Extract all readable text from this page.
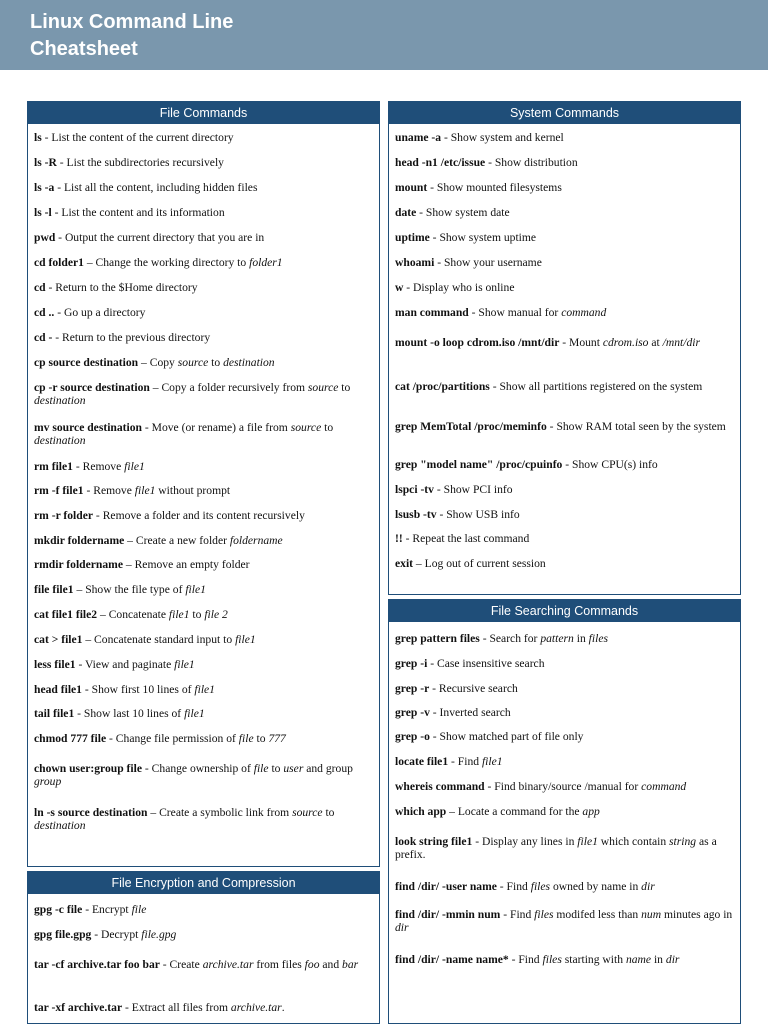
Linux Command Line
Cheatsheet
File Commands
ls - List the content of the current directory
ls -R - List the subdirectories recursively
ls -a - List all the content, including hidden files
ls -l - List the content and its information
pwd - Output the current directory that you are in
cd folder1 – Change the working directory to folder1
cd - Return to the $Home directory
cd .. - Go up a directory
cd - - Return to the previous directory
cp source destination – Copy source to destination
cp -r source destination – Copy a folder recursively from source to destination
mv source destination - Move (or rename) a file from source to destination
rm file1 - Remove file1
rm -f file1 - Remove file1 without prompt
rm -r folder - Remove a folder and its content recursively
mkdir foldername – Create a new folder foldername
rmdir foldername – Remove an empty folder
file file1 – Show the file type of file1
cat file1 file2 – Concatenate file1 to file 2
cat > file1 – Concatenate standard input to file1
less file1 - View and paginate file1
head file1 - Show first 10 lines of file1
tail file1 - Show last 10 lines of file1
chmod 777 file - Change file permission of file to 777
chown user:group file - Change ownership of file to user and group group
ln -s source destination – Create a symbolic link from source to destination
File Encryption and Compression
gpg -c file - Encrypt file
gpg file.gpg - Decrypt file.gpg
tar -cf archive.tar foo bar - Create archive.tar from files foo and bar
tar -xf archive.tar - Extract all files from archive.tar.
System Commands
uname -a - Show system and kernel
head -n1 /etc/issue - Show distribution
mount - Show mounted filesystems
date - Show system date
uptime - Show system uptime
whoami - Show your username
w - Display who is online
man command - Show manual for command
mount -o loop cdrom.iso /mnt/dir - Mount cdrom.iso at /mnt/dir
cat /proc/partitions - Show all partitions registered on the system
grep MemTotal /proc/meminfo - Show RAM total seen by the system
grep "model name" /proc/cpuinfo - Show CPU(s) info
lspci -tv - Show PCI info
lsusb -tv - Show USB info
!! - Repeat the last command
exit – Log out of current session
File Searching Commands
grep pattern files - Search for pattern in files
grep -i - Case insensitive search
grep -r - Recursive search
grep -v - Inverted search
grep -o - Show matched part of file only
locate file1 - Find file1
whereis command - Find binary/source /manual for command
which app – Locate a command for the app
look string file1 - Display any lines in file1 which contain string as a prefix.
find /dir/ -user name - Find files owned by name in dir
find /dir/ -mmin num - Find files modifed less than num minutes ago in dir
find /dir/ -name name* - Find files starting with name in dir
